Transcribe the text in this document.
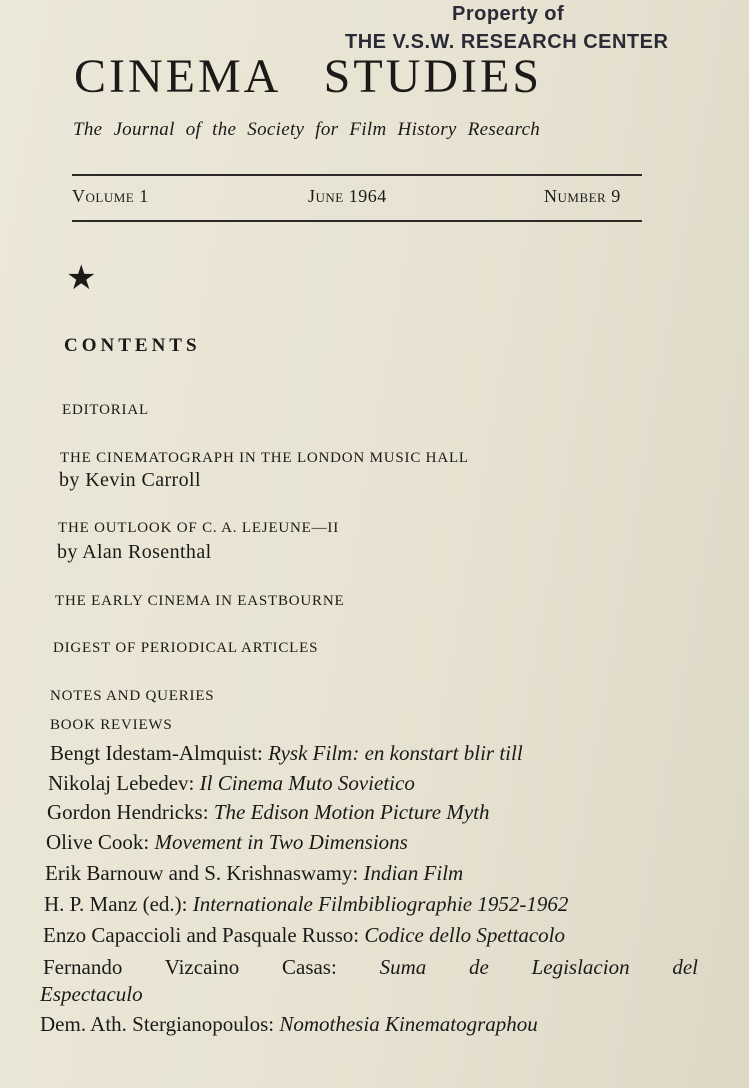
Property of
THE V.S.W. RESEARCH CENTER
CINEMA   STUDIES
The Journal of the Society for Film History Research
Volume 1	June 1964	Number 9
★
CONTENTS
EDITORIAL
THE CINEMATOGRAPH IN THE LONDON MUSIC HALL
by Kevin Carroll
THE OUTLOOK OF C. A. LEJEUNE—II
by Alan Rosenthal
THE EARLY CINEMA IN EASTBOURNE
DIGEST OF PERIODICAL ARTICLES
NOTES AND QUERIES
BOOK REVIEWS
Bengt Idestam-Almquist: Rysk Film: en konstart blir till
Nikolaj Lebedev: Il Cinema Muto Sovietico
Gordon Hendricks: The Edison Motion Picture Myth
Olive Cook: Movement in Two Dimensions
Erik Barnouw and S. Krishnaswamy: Indian Film
H. P. Manz (ed.): Internationale Filmbibliographie 1952-1962
Enzo Capaccioli and Pasquale Russo: Codice dello Spettacolo
Fernando Vizcaino Casas: Suma de Legislacion del
Espectaculo
Dem. Ath. Stergianopoulos: Nomothesia Kinematographou
